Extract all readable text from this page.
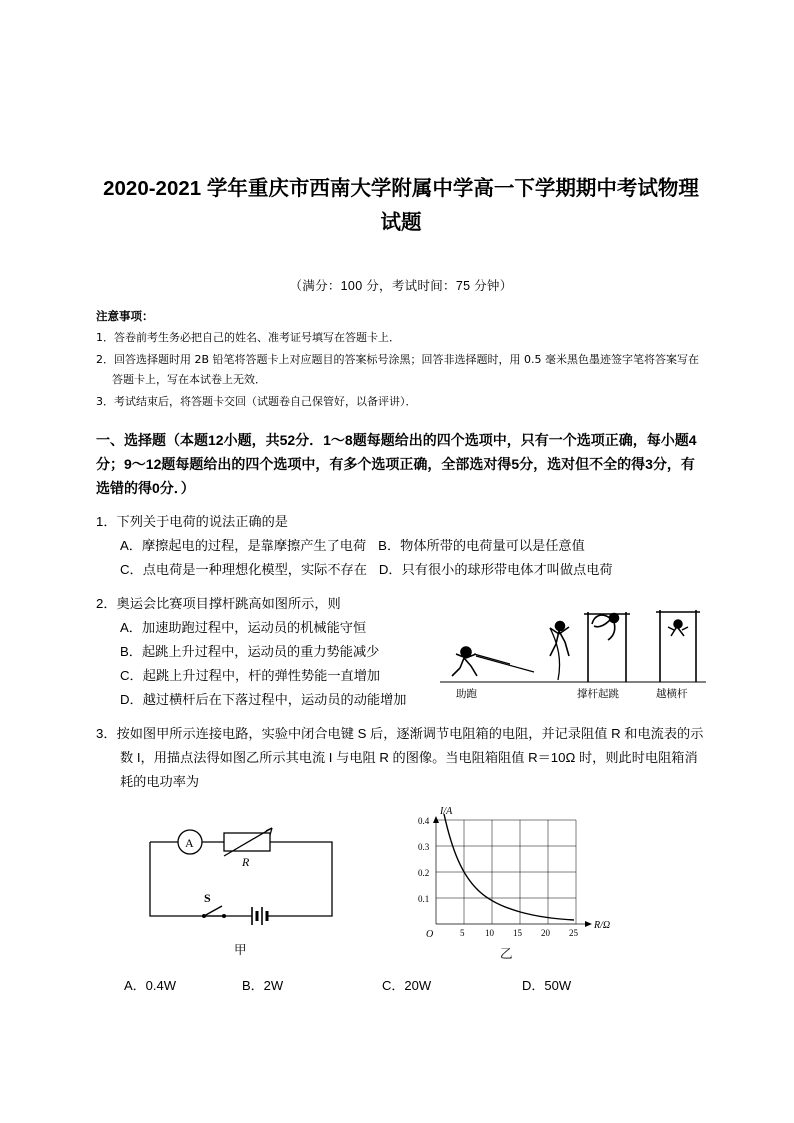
2020-2021 学年重庆市西南大学附属中学高一下学期期中考试物理试题
（满分：100 分，考试时间：75 分钟）
注意事项：
1．答卷前考生务必把自己的姓名、准考证号填写在答题卡上．
2．回答选择题时用 2B 铅笔将答题卡上对应题目的答案标号涂黑；回答非选择题时，用 0.5 毫米黑色墨迹签字笔将答案写在答题卡上，写在本试卷上无效．
3．考试结束后，将答题卡交回（试题卷自己保管好，以备评讲）．
一、选择题（本题12小题，共52分．1～8题每题给出的四个选项中，只有一个选项正确，每小题4分；9～12题每题给出的四个选项中，有多个选项正确，全部选对得5分，选对但不全的得3分，有选错的得0分．）
1．下列关于电荷的说法正确的是
A．摩擦起电的过程，是靠摩擦产生了电荷 B．物体所带的电荷量可以是任意值
C．点电荷是一种理想化模型，实际不存在 D．只有很小的球形带电体才叫做点电荷
2．奥运会比赛项目撑杆跳高如图所示，则
A．加速助跑过程中，运动员的机械能守恒
B．起跳上升过程中，运动员的重力势能减少
C．起跳上升过程中，杆的弹性势能一直增加
D．越过横杆后在下落过程中，运动员的动能增加	助跑	撑杆起跳	越横杆
3．按如图甲所示连接电路，实验中闭合电键 S 后，逐渐调节电阻箱的电阻，并记录阻值 R 和电流表的示数 I，用描点法得如图乙所示其电流 I 与电阻 R 的图像。当电阻箱阻值 R＝10Ω 时，则此时电阻箱消耗的电功率为
A
R
S
甲
0.4
0.3
0.2
0.1
5 10 15 20 25
I/A
R/Ω
O
乙
A．0.4W	B．2W	C．20W	D．50W
